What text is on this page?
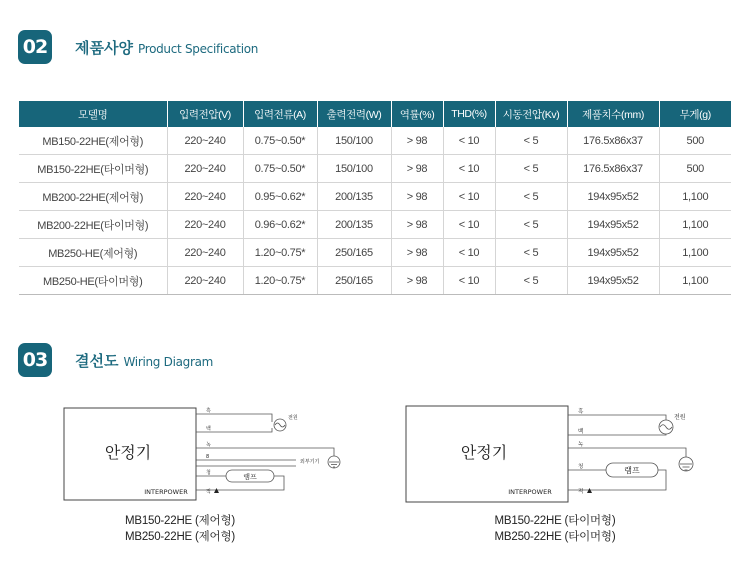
02	제품사양 Product Specification
모델명	입력전압(V)	입력전류(A)	출력전력(W)	역률(%)	THD(%)	시동전압(Kv)	제품치수(mm)	무게(g)
MB150-22HE(제어형)	220~240	0.75~0.50*	150/100	> 98	< 10	< 5	176.5x86x37	500
MB150-22HE(타이머형)	220~240	0.75~0.50*	150/100	> 98	< 10	< 5	176.5x86x37	500
MB200-22HE(제어형)	220~240	0.95~0.62*	200/135	> 98	< 10	< 5	194x95x52	1,100
MB200-22HE(타이머형)	220~240	0.96~0.62*	200/135	> 98	< 10	< 5	194x95x52	1,100
MB250-HE(제어형)	220~240	1.20~0.75*	250/165	> 98	< 10	< 5	194x95x52	1,100
MB250-HE(타이머형)	220~240	1.20~0.75*	250/165	> 98	< 10	< 5	194x95x52	1,100
03	결선도 Wiring Diagram
안정기
INTERPOWER
램프
흑
백
녹
8
청
적
전원
외부기기
MB150-22HE (제어형)
MB250-22HE (제어형)
안정기
INTERPOWER
램프
흑
백
녹
청
적
전원
MB150-22HE (타이머형)
MB250-22HE (타이머형)
